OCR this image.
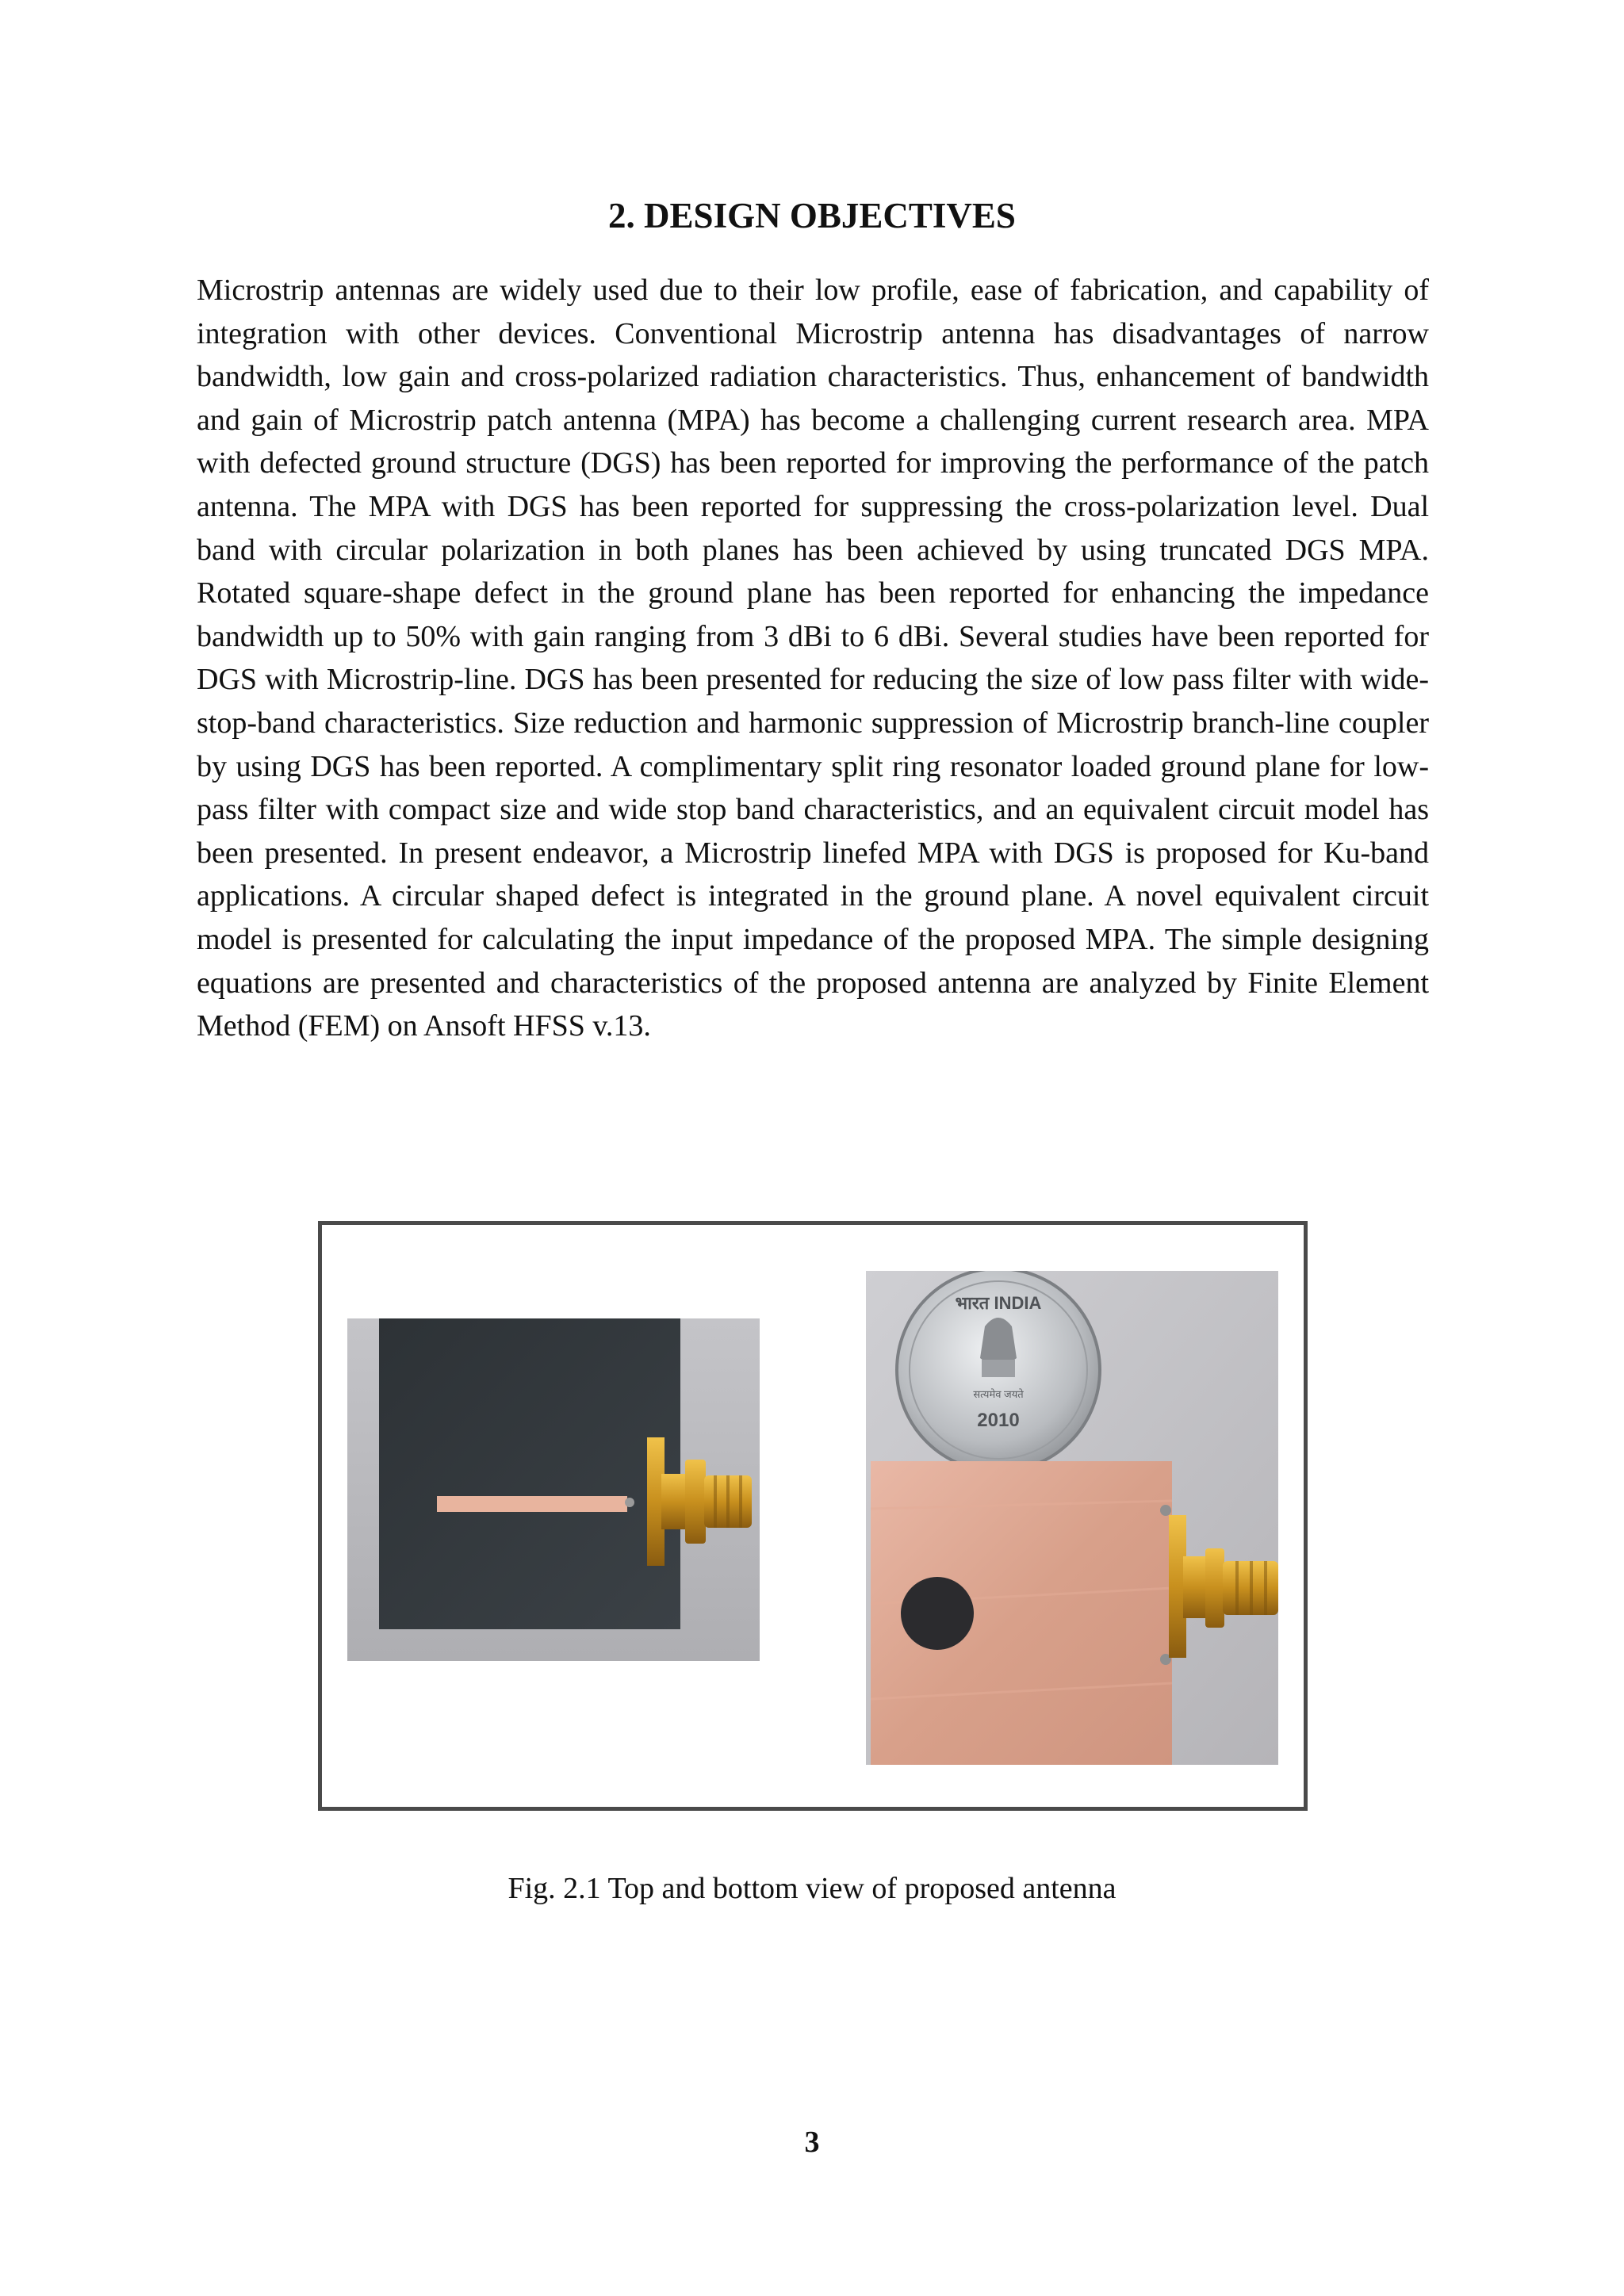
2. DESIGN OBJECTIVES

Microstrip antennas are widely used due to their low profile, ease of fabrication, and capability of integration with other devices. Conventional Microstrip antenna has disadvantages of narrow bandwidth, low gain and cross-polarized radiation characteristics. Thus, enhancement of bandwidth and gain of Microstrip patch antenna (MPA) has become a challenging current research area. MPA with defected ground structure (DGS) has been reported for improving the performance of the patch antenna. The MPA with DGS has been reported for suppressing the cross-polarization level. Dual band with circular polarization in both planes has been achieved by using truncated DGS MPA. Rotated square-shape defect in the ground plane has been reported for enhancing the impedance bandwidth up to 50% with gain ranging from 3 dBi to 6 dBi. Several studies have been reported for DGS with Microstrip-line. DGS has been presented for reducing the size of low pass filter with wide-stop-band characteristics. Size reduction and harmonic suppression of Microstrip branch-line coupler by using DGS has been reported. A complimentary split ring resonator loaded ground plane for low-pass filter with compact size and wide stop band characteristics, and an equivalent circuit model has been presented. In present endeavor, a Microstrip linefed MPA with DGS is proposed for Ku-band applications. A circular shaped defect is integrated in the ground plane. A novel equivalent circuit model is presented for calculating the input impedance of the proposed MPA. The simple designing equations are presented and characteristics of the proposed antenna are analyzed by Finite Element Method (FEM) on Ansoft HFSS v.13.

भारत INDIA
सत्यमेव जयते
2010

Fig. 2.1 Top and bottom view of proposed antenna

3
